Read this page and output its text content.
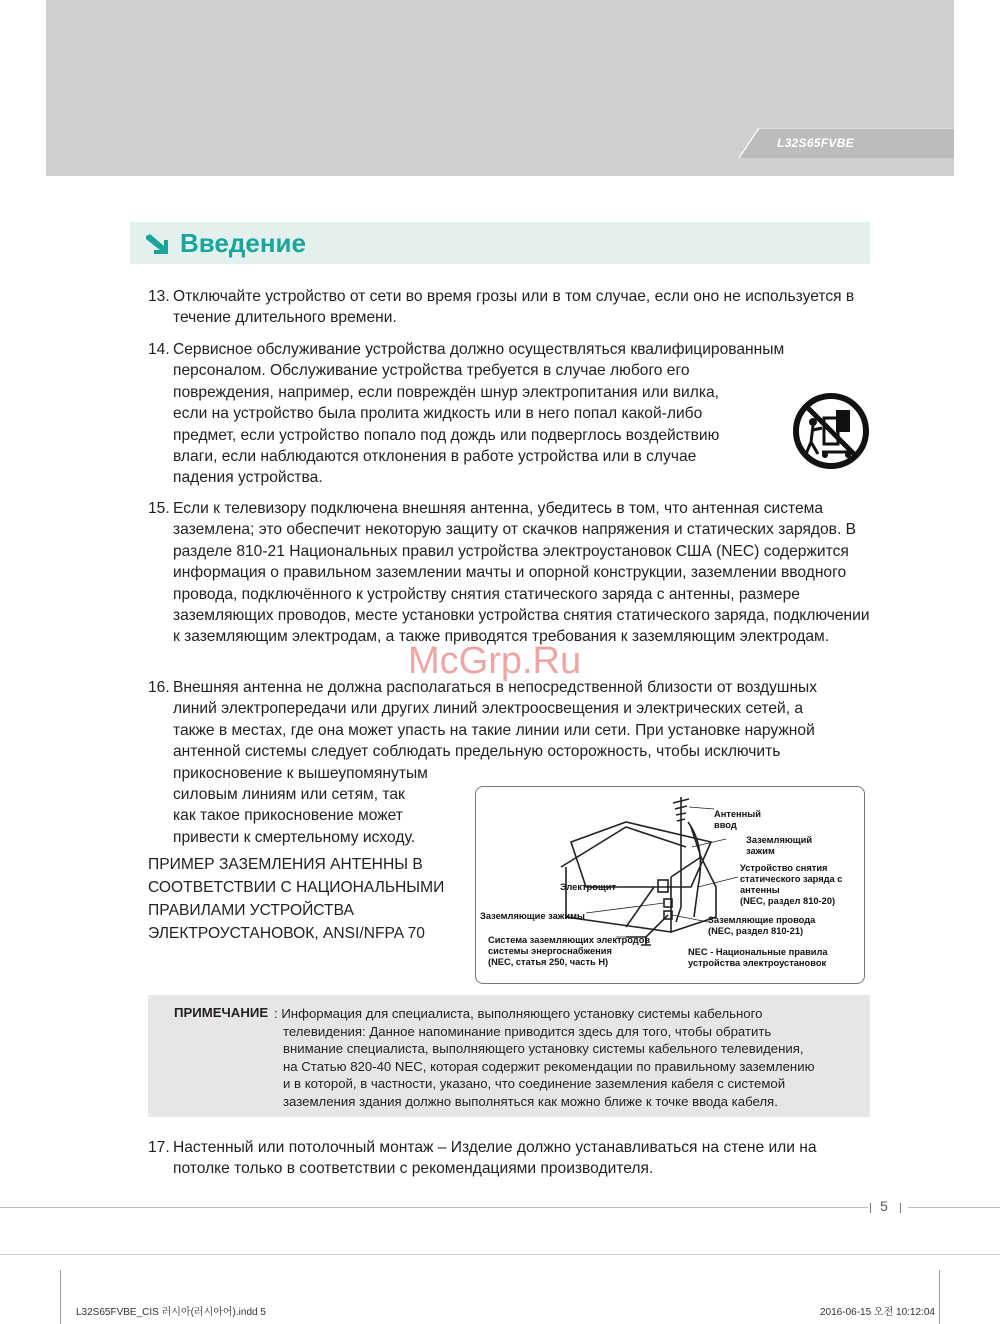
L32S65FVBE
Введение
13. Отключайте устройство от сети во время грозы или в том случае, если оно не используется в течение длительного времени.
14. Сервисное обслуживание устройства должно осуществляться квалифицированным
персоналом. Обслуживание устройства требуется в случае любого его
повреждения, например, если повреждён шнур электропитания или вилка,
если на устройство была пролита жидкость или в него попал какой-либо
предмет, если устройство попало под дождь или подверглось воздействию
влаги, если наблюдаются отклонения в работе устройства или в случае
падения устройства.
15. Если к телевизору подключена внешняя антенна, убедитесь в том, что антенная система заземлена; это обеспечит некоторую защиту от скачков напряжения и статических зарядов. В разделе 810-21 Национальных правил устройства электроустановок США (NEC) содержится информация о правильном заземлении мачты и опорной конструкции, заземлении вводного провода, подключённого к устройству снятия статического заряда с антенны, размере заземляющих проводов, месте установки устройства снятия статического заряда, подключении к заземляющим электродам, а также приводятся требования к заземляющим электродам.
16. Внешняя антенна не должна располагаться в непосредственной близости от воздушных
линий электропередачи или других линий электроосвещения и электрических сетей, а
также в местах, где она может упасть на такие линии или сети. При установке наружной
антенной системы следует соблюдать предельную осторожность, чтобы исключить
прикосновение к вышеупомянутым
силовым линиям или сетям, так
как такое прикосновение может
привести к смертельному исходу.
ПРИМЕР ЗАЗЕМЛЕНИЯ АНТЕННЫ В
СООТВЕТСТВИИ С НАЦИОНАЛЬНЫМИ
ПРАВИЛАМИ УСТРОЙСТВА
ЭЛЕКТРОУСТАНОВОК, ANSI/NFPA 70
Антенный
ввод
Заземляющий
зажим
Устройство снятия
статического заряда с
антенны
(NEC, раздел 810-20)
Электрощит
Заземляющие зажимы	Заземляющие провода
(NEC, раздел 810-21)
Система заземляющих электродов
системы энергоснабжения
(NEC, статья 250, часть H)
NEC - Национальные правила
устройства электроустановок
McGrp.Ru
ПРИМЕЧАНИЕ : Информация для специалиста, выполняющего установку системы кабельного
телевидения: Данное напоминание приводится здесь для того, чтобы обратить
внимание специалиста, выполняющего установку системы кабельного телевидения,
на Статью 820-40 NEC, которая содержит рекомендации по правильному заземлению
и в которой, в частности, указано, что соединение заземления кабеля с системой
заземления здания должно выполняться как можно ближе к точке ввода кабеля.
17. Настенный или потолочный монтаж – Изделие должно устанавливаться на стене или на потолке только в соответствии с рекомендациями производителя.
5
L32S65FVBE_CIS 러시아(러시아어).indd 5	2016-06-15 오전 10:12:04
